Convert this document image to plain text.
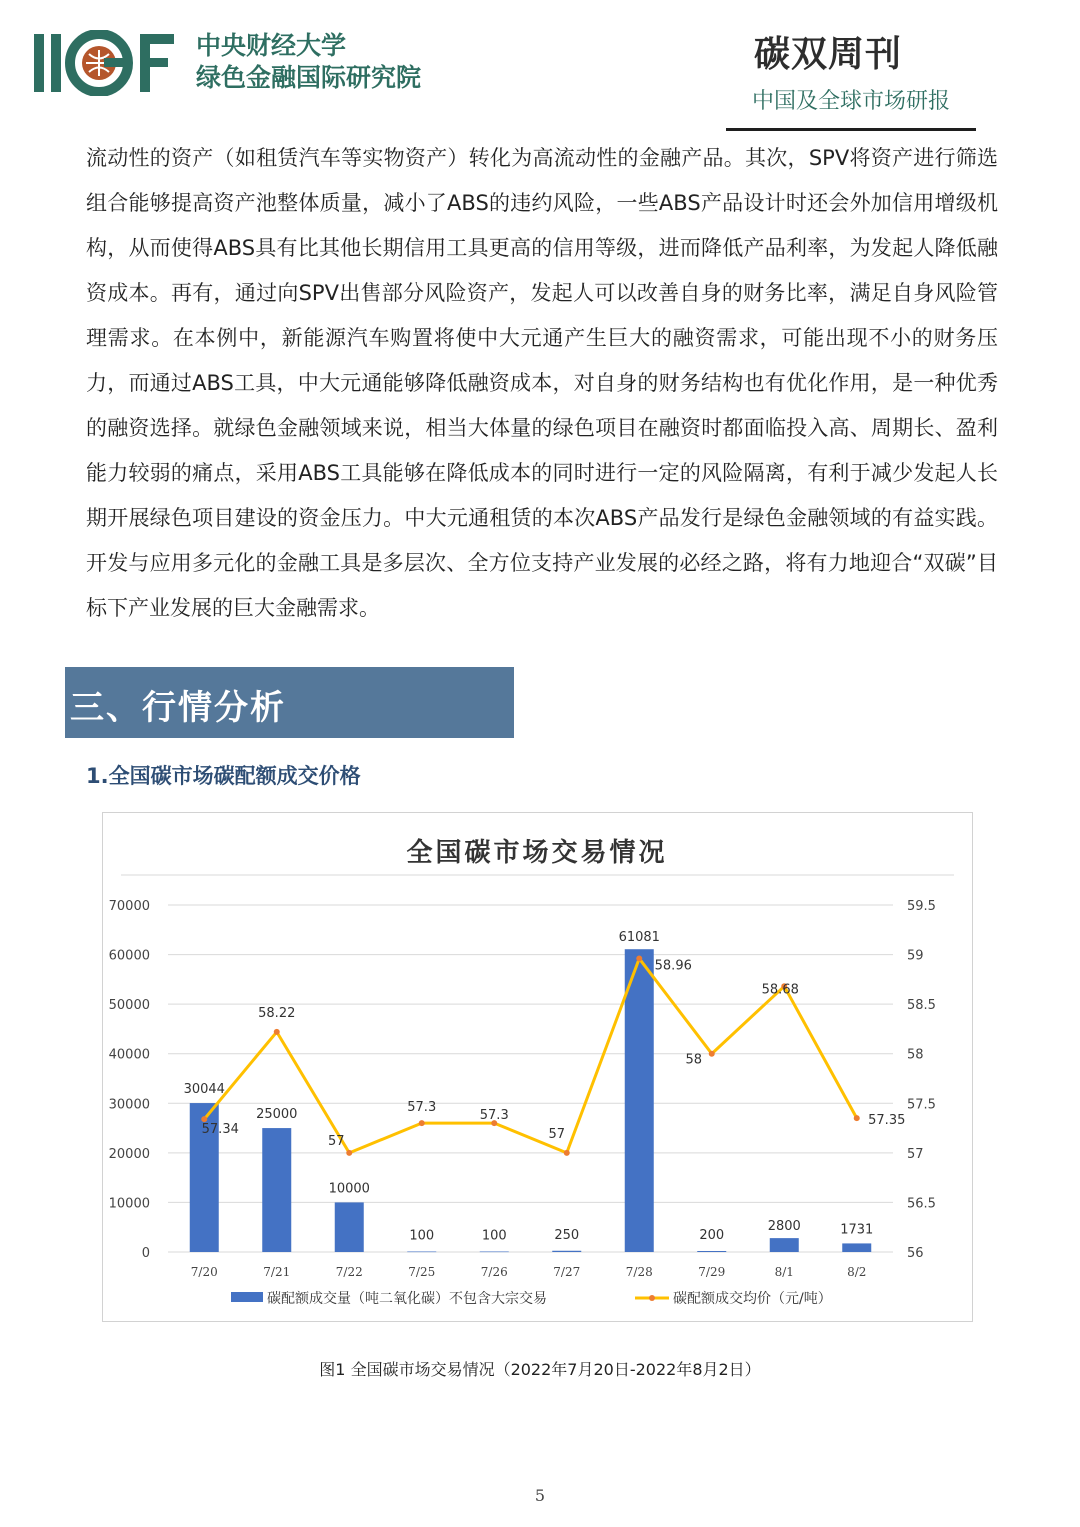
中央财经大学
绿色金融国际研究院
碳双周刊
中国及全球市场研报
流动性的资产（如租赁汽车等实物资产）转化为高流动性的金融产品。其次，SPV将资产进行筛选组合能够提高资产池整体质量，减小了ABS的违约风险，一些ABS产品设计时还会外加信用增级机构，从而使得ABS具有比其他长期信用工具更高的信用等级，进而降低产品利率，为发起人降低融资成本。再有，通过向SPV出售部分风险资产，发起人可以改善自身的财务比率，满足自身风险管理需求。在本例中，新能源汽车购置将使中大元通产生巨大的融资需求，可能出现不小的财务压力，而通过ABS工具，中大元通能够降低融资成本，对自身的财务结构也有优化作用，是一种优秀的融资选择。就绿色金融领域来说，相当大体量的绿色项目在融资时都面临投入高、周期长、盈利能力较弱的痛点，采用ABS工具能够在降低成本的同时进行一定的风险隔离，有利于减少发起人长期开展绿色项目建设的资金压力。中大元通租赁的本次ABS产品发行是绿色金融领域的有益实践。开发与应用多元化的金融工具是多层次、全方位支持产业发展的必经之路，将有力地迎合“双碳”目标下产业发展的巨大金融需求。
三、行情分析
1.全国碳市场碳配额成交价格
全国碳市场交易情况
0
10000
20000
30000
40000
50000
60000
70000
56
56.5
57
57.5
58
58.5
59
59.5
7/20	7/21	7/22	7/25	7/26	7/27	7/28	7/29	8/1	8/2
30044
25000
10000
100	100	250
61081
200
2800	1731
57.34
58.22
57
57.3
57.3
57
58.96
58
58.68
57.35
碳配额成交量（吨二氧化碳）不包含大宗交易	碳配额成交均价（元/吨）
图1 全国碳市场交易情况（2022年7月20日-2022年8月2日）
5
